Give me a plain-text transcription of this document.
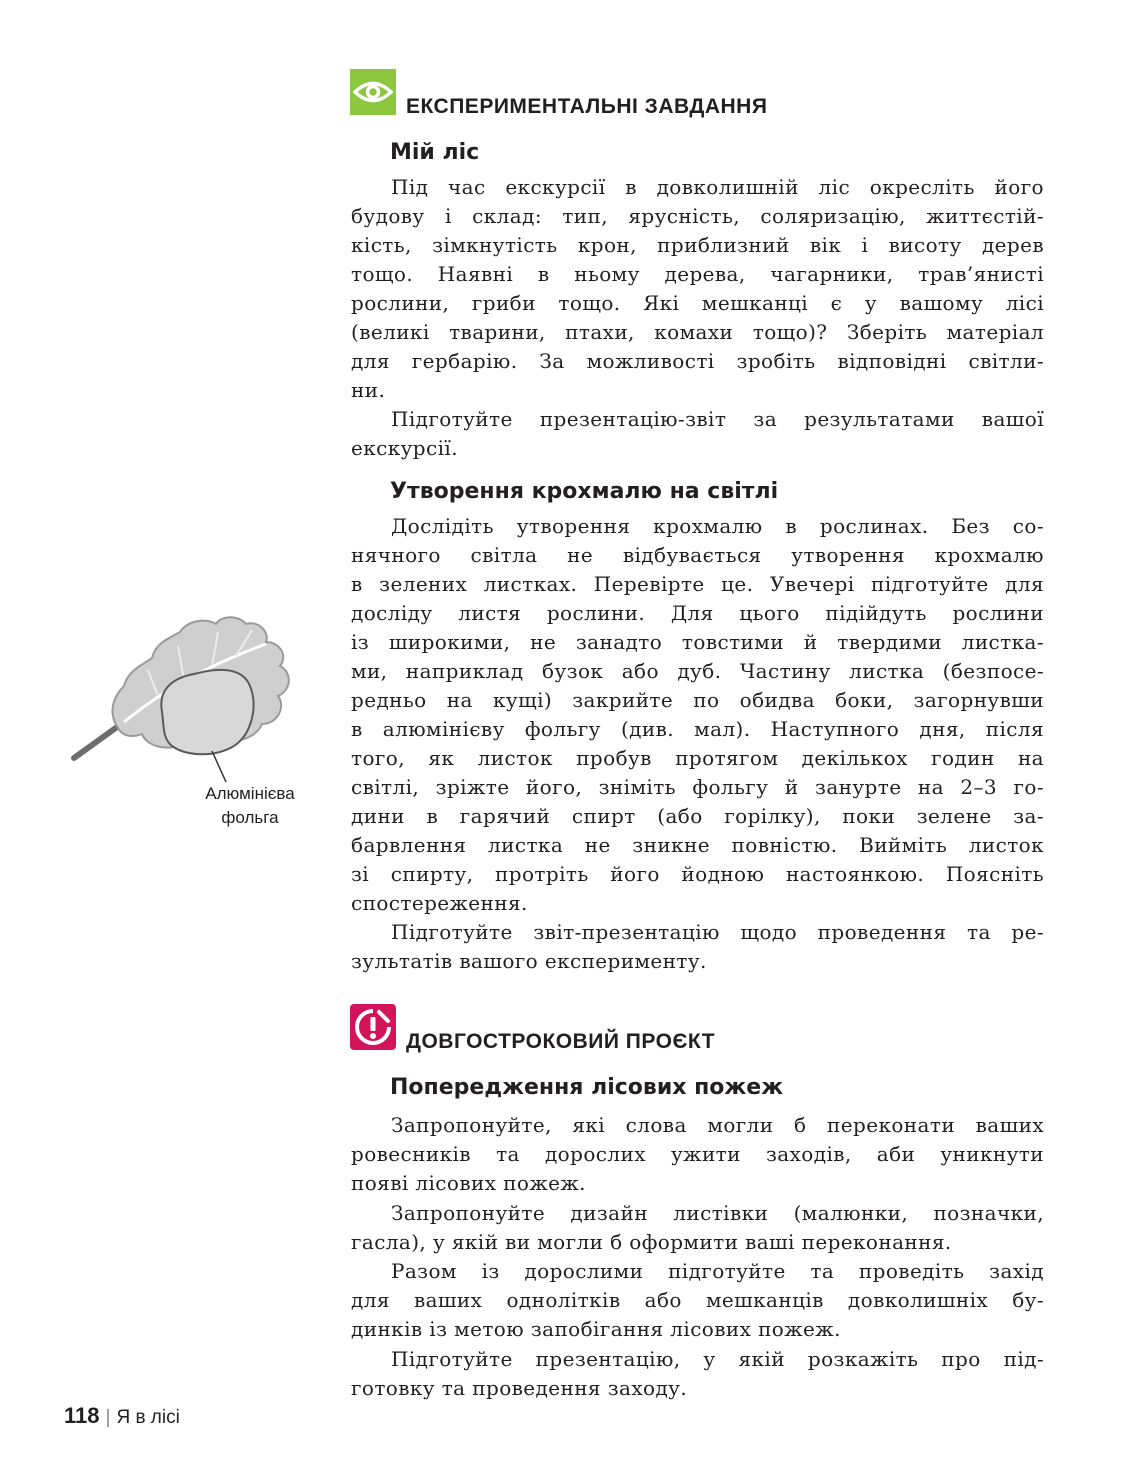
ЕКСПЕРИМЕНТАЛЬНІ ЗАВДАННЯ
Мій ліс
Під час екскурсії в довколишній ліс окресліть його
будову і склад: тип, ярусність, соляризацію, життєстій-
кість, зімкнутість крон, приблизний вік і висоту дерев
тощо. Наявні в ньому дерева, чагарники, трав’янисті
рослини, гриби тощо. Які мешканці є у вашому лісі
(великі тварини, птахи, комахи тощо)? Зберіть матеріал
для гербарію. За можливості зробіть відповідні світли-
ни.
Підготуйте презентацію-звіт за результатами вашої
екскурсії.
Утворення крохмалю на світлі
Дослідіть утворення крохмалю в рослинах. Без со-
нячного світла не відбувається утворення крохмалю
в зелених листках. Перевірте це. Увечері підготуйте для
досліду листя рослини. Для цього підійдуть рослини
із широкими, не занадто товстими й твердими листка-
ми, наприклад бузок або дуб. Частину листка (безпосе-
редньо на кущі) закрийте по обидва боки, загорнувши
в алюмінієву фольгу (див. мал). Наступного дня, після
того, як листок пробув протягом декількох годин на
світлі, зріжте його, зніміть фольгу й занурте на 2–3 го-
дини в гарячий спирт (або горілку), поки зелене за-
барвлення листка не зникне повністю. Вийміть листок
зі спирту, протріть його йодною настоянкою. Поясніть
спостереження.
Підготуйте звіт-презентацію щодо проведення та ре-
зультатів вашого експерименту.
Алюмінієва
фольга
ДОВГОСТРОКОВИЙ ПРОЄКТ
Попередження лісових пожеж
Запропонуйте, які слова могли б переконати ваших
ровесників та дорослих ужити заходів, аби уникнути
появі лісових пожеж.
Запропонуйте дизайн листівки (малюнки, позначки,
гасла), у якій ви могли б оформити ваші переконання.
Разом із дорослими підготуйте та проведіть захід
для ваших однолітків або мешканців довколишніх бу-
динків із метою запобігання лісових пожеж.
Підготуйте презентацію, у якій розкажіть про під-
готовку та проведення заходу.
118 | Я в лісі
